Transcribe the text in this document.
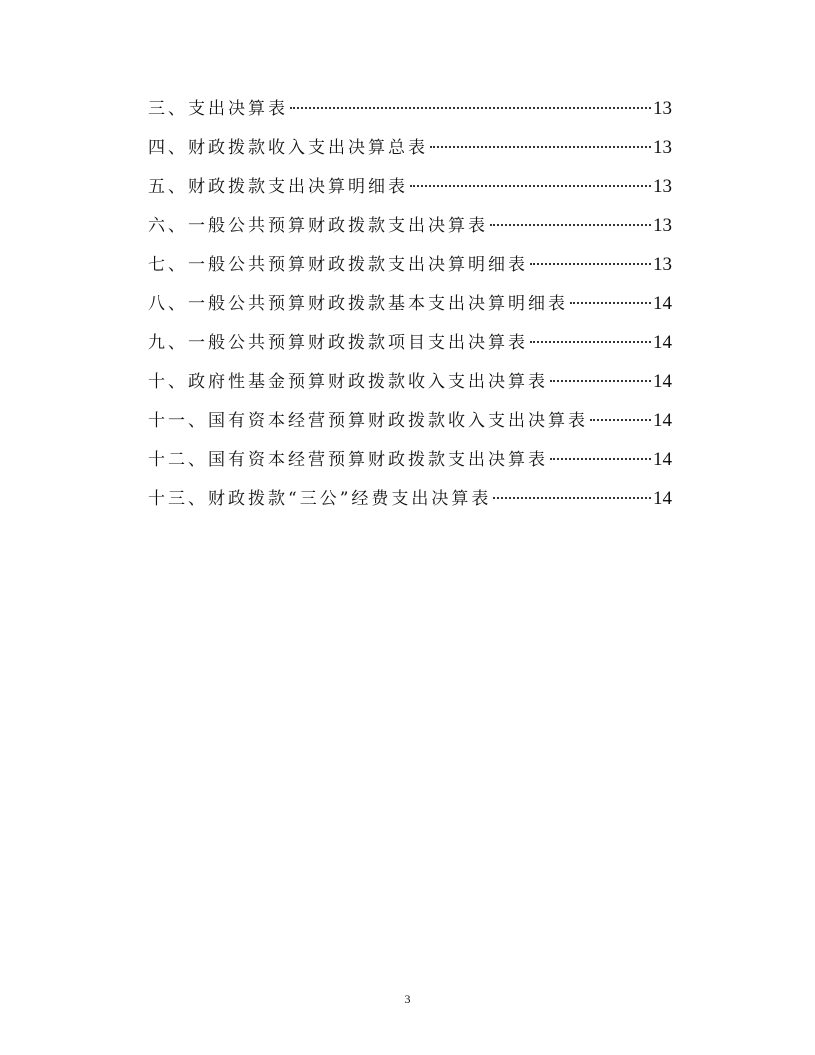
三、支出决算表	13
四、财政拨款收入支出决算总表	13
五、财政拨款支出决算明细表	13
六、一般公共预算财政拨款支出决算表	13
七、一般公共预算财政拨款支出决算明细表	13
八、一般公共预算财政拨款基本支出决算明细表	14
九、一般公共预算财政拨款项目支出决算表	14
十、政府性基金预算财政拨款收入支出决算表	14
十一、国有资本经营预算财政拨款收入支出决算表	14
十二、国有资本经营预算财政拨款支出决算表	14
十三、财政拨款“三公”经费支出决算表	14
3
